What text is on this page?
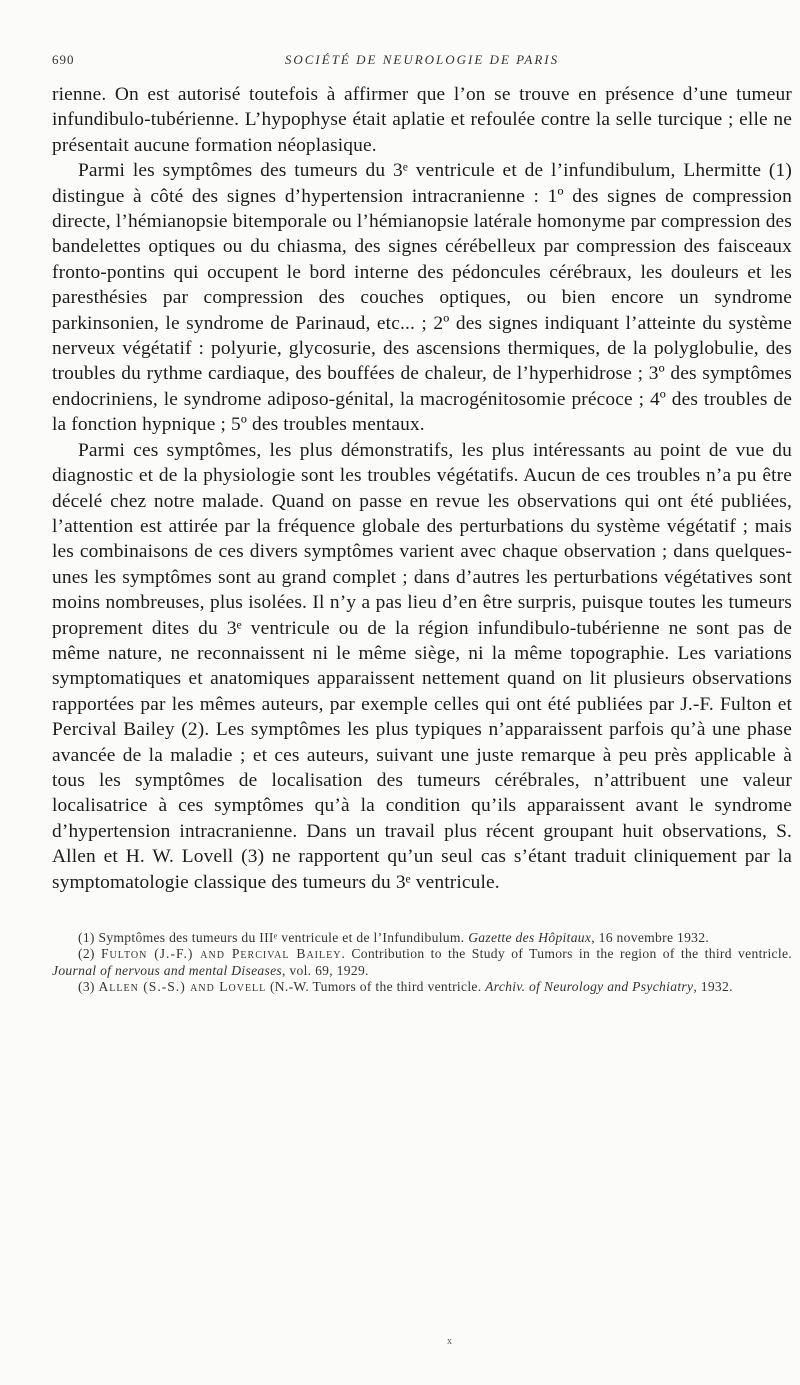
690	SOCIÉTÉ DE NEUROLOGIE DE PARIS

rienne. On est autorisé toutefois à affirmer que l’on se trouve en présence d’une tumeur infundibulo-tubérienne. L’hypophyse était aplatie et refoulée contre la selle turcique ; elle ne présentait aucune formation néoplasique.

Parmi les symptômes des tumeurs du 3ᵉ ventricule et de l’infundibulum, Lhermitte (1) distingue à côté des signes d’hypertension intracranienne : 1º des signes de compression directe, l’hémianopsie bitemporale ou l’hémianopsie latérale homonyme par compression des bandelettes optiques ou du chiasma, des signes cérébelleux par compression des faisceaux fronto-pontins qui occupent le bord interne des pédoncules cérébraux, les douleurs et les paresthésies par compression des couches optiques, ou bien encore un syndrome parkinsonien, le syndrome de Parinaud, etc... ; 2º des signes indiquant l’atteinte du système nerveux végétatif : polyurie, glycosurie, des ascensions thermiques, de la polyglobulie, des troubles du rythme cardiaque, des bouffées de chaleur, de l’hyperhidrose ; 3º des symptômes endocriniens, le syndrome adiposo-génital, la macrogénitosomie précoce ; 4º des troubles de la fonction hypnique ; 5º des troubles mentaux.

Parmi ces symptômes, les plus démonstratifs, les plus intéressants au point de vue du diagnostic et de la physiologie sont les troubles végétatifs. Aucun de ces troubles n’a pu être décelé chez notre malade. Quand on passe en revue les observations qui ont été publiées, l’attention est attirée par la fréquence globale des perturbations du système végétatif ; mais les combinaisons de ces divers symptômes varient avec chaque observation ; dans quelques-unes les symptômes sont au grand complet ; dans d’autres les perturbations végétatives sont moins nombreuses, plus isolées. Il n’y a pas lieu d’en être surpris, puisque toutes les tumeurs proprement dites du 3ᵉ ventricule ou de la région infundibulo-tubérienne ne sont pas de même nature, ne reconnaissent ni le même siège, ni la même topographie. Les variations symptomatiques et anatomiques apparaissent nettement quand on lit plusieurs observations rapportées par les mêmes auteurs, par exemple celles qui ont été publiées par J.-F. Fulton et Percival Bailey (2). Les symptômes les plus typiques n’apparaissent parfois qu’à une phase avancée de la maladie ; et ces auteurs, suivant une juste remarque à peu près applicable à tous les symptômes de localisation des tumeurs cérébrales, n’attribuent une valeur localisatrice à ces symptômes qu’à la condition qu’ils apparaissent avant le syndrome d’hypertension intracranienne. Dans un travail plus récent groupant huit observations, S. Allen et H. W. Lovell (3) ne rapportent qu’un seul cas s’étant traduit cliniquement par la symptomatologie classique des tumeurs du 3ᵉ ventricule.

(1) Symptômes des tumeurs du IIIᵉ ventricule et de l’Infundibulum. Gazette des Hôpitaux, 16 novembre 1932.

(2) Fulton (J.-F.) and Percival Bailey. Contribution to the Study of Tumors in the region of the third ventricle. Journal of nervous and mental Diseases, vol. 69, 1929.

(3) Allen (S.-S.) and Lovell (N.-W. Tumors of the third ventricle. Archiv. of Neurology and Psychiatry, 1932.

x
